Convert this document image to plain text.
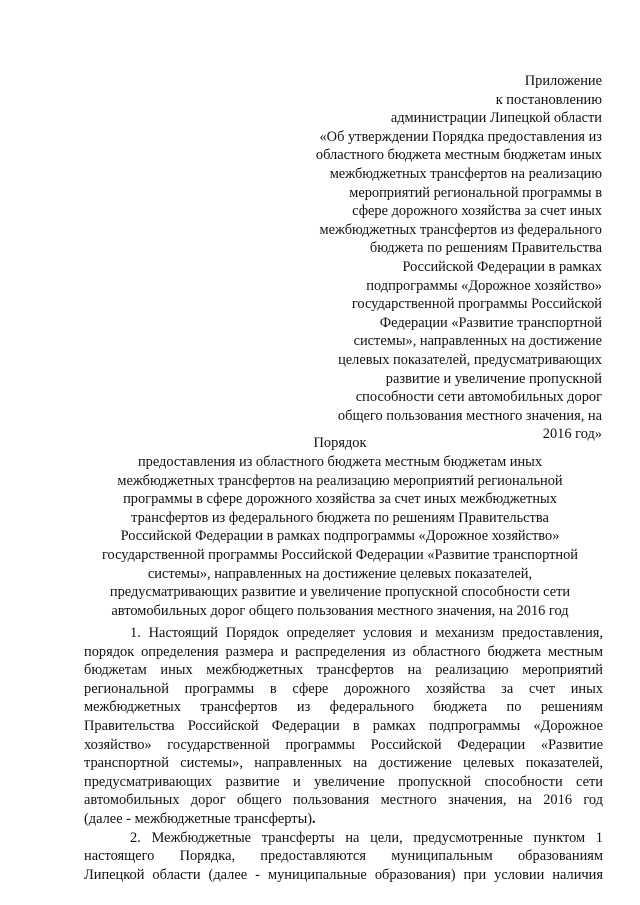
Приложение
к постановлению
администрации Липецкой области
«Об утверждении Порядка предоставления из
областного бюджета местным бюджетам иных
межбюджетных трансфертов на реализацию
мероприятий региональной программы в
сфере дорожного хозяйства за счет иных
межбюджетных трансфертов из федерального
бюджета по решениям Правительства
Российской Федерации в рамках
подпрограммы «Дорожное хозяйство»
государственной программы Российской
Федерации «Развитие транспортной
системы», направленных на достижение
целевых показателей, предусматривающих
развитие и увеличение пропускной
способности сети автомобильных дорог
общего пользования местного значения, на
2016 год»
Порядок
предоставления из областного бюджета местным бюджетам иных
межбюджетных трансфертов на реализацию мероприятий региональной
программы в сфере дорожного хозяйства за счет иных межбюджетных
трансфертов из федерального бюджета по решениям Правительства
Российской Федерации в рамках подпрограммы «Дорожное хозяйство»
государственной программы Российской Федерации «Развитие транспортной
системы», направленных на достижение целевых показателей,
предусматривающих развитие и увеличение пропускной способности сети
автомобильных дорог общего пользования местного значения, на 2016 год
1. Настоящий Порядок определяет условия и механизм предоставления,
порядок определения размера и распределения из областного бюджета местным
бюджетам иных межбюджетных трансфертов на реализацию мероприятий
региональной программы в сфере дорожного хозяйства за счет иных
межбюджетных трансфертов из федерального бюджета по решениям
Правительства Российской Федерации в рамках подпрограммы «Дорожное
хозяйство» государственной программы Российской Федерации «Развитие
транспортной системы», направленных на достижение целевых показателей,
предусматривающих развитие и увеличение пропускной способности сети
автомобильных дорог общего пользования местного значения, на 2016 год
(далее - межбюджетные трансферты).
2. Межбюджетные трансферты на цели, предусмотренные пунктом 1
настоящего Порядка, предоставляются муниципальным образованиям
Липецкой области (далее - муниципальные образования) при условии наличия
